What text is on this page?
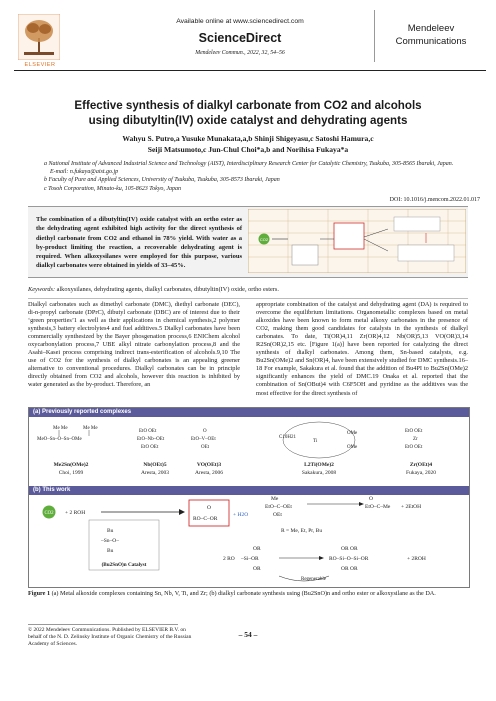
ELSEVIER
Available online at www.sciencedirect.com
ScienceDirect
Mendeleev Commun., 2022, 32, 54–56
Mendeleev
Communications
Effective synthesis of dialkyl carbonate from CO2 and alcohols
using dibutyltin(IV) oxide catalyst and dehydrating agents
Wahyu S. Putro,a Yusuke Munakata,a,b Shinji Shigeyasu,c Satoshi Hamura,c
Seiji Matsumoto,c Jun-Chul Choi*a,b and Norihisa Fukaya*a
a National Institute of Advanced Industrial Science and Technology (AIST), Interdisciplinary Research Center for Catalytic Chemistry, Tsukuba, 305-8565 Ibaraki, Japan. E-mail: n.fukaya@aist.go.jp
b Faculty of Pure and Applied Sciences, University of Tsukuba, Tsukuba, 305-8573 Ibaraki, Japan
c Tosoh Corporation, Minato-ku, 105-8623 Tokyo, Japan
DOI: 10.1016/j.mencom.2022.01.017
The combination of a dibutyltin(IV) oxide catalyst with an ortho ester as the dehydrating agent exhibited high activity for the direct synthesis of diethyl carbonate from CO2 and ethanol in 78% yield. With water as a by-product limiting the reaction, a recoverable dehydrating agent is required. When alkoxysilanes were employed for this purpose, various dialkyl carbonates were obtained in yields of 33–45%.
CO2
Keywords: alkoxysilanes, dehydrating agents, dialkyl carbonates, dibutyltin(IV) oxide, ortho esters.
Dialkyl carbonates such as dimethyl carbonate (DMC), diethyl carbonate (DEC), di-n-propyl carbonate (DPrC), dibutyl carbonate (DBC) are of interest due to their ‘green properties’1 as well as their applications in chemical synthesis,2 polymer synthesis,3 battery electrolytes4 and fuel additives.5 Dialkyl carbonates have been commercially synthesized by the Bayer phosgenation process,6 ENIChem alcohol oxycarbonylation process,7 UBE alkyl nitrate carbonylation process,8 and the Asahi–Kasei process comprising indirect trans-esterification of alcohols.9,10 The use of CO2 for the synthesis of dialkyl carbonates is an appealing greener alternative to conventional procedures. Dialkyl carbonates can be in principle directly obtained from CO2 and alcohols, however this reaction is inhibited by water generated as the by-product. Therefore, an
appropriate combination of the catalyst and dehydrating agent (DA) is required to overcome the equilibrium limitations. Organometallic complexes based on metal alkoxides have been known to form metal alkoxy carbonates in the presence of CO2, making them good candidates for catalysts in the synthesis of dialkyl carbonates. To date, Ti(OR)4,11 Zr(OR)4,12 Nb(OR)5,13 VO(OR)3,14 R2Sn(OR)2,15 etc. [Figure 1(a)] have been reported for catalyzing the direct synthesis of dialkyl carbonates. Among them, Sn-based catalysts, e.g. Bu2Sn(OMe)2 and Sn(OR)4, have been extensively studied for DMC synthesis.16–18 For example, Sakakura et al. found that the addition of Bu4PI to Bu2Sn(OMe)2 significantly enhances the yield of DMC.19 Onaka et al. reported that the combination of Sn(OBut)4 with C6F5OH and pyridine as the additives was the most effective for the direct synthesis of
(a) Previously reported complexes
(b) This work
MeO–Sn–O–Sn–OMe
Me Me	Me Me
EtO OEt
EtO–Nb–OEt
EtO OEt
O
EtO–V–OEt
OEt
C10H21
Ti
OMe
OMe
EtO OEt
Zr
EtO OEt
Me2Sn(OMe)2
Choi, 1999
Nb(OEt)5
Aresta, 2003
VO(OEt)3
Aresta, 2006
L2Ti(OMe)2
Sakakura, 2008
Zr(OEt)4
Fukaya, 2020
CO2 + 2 ROH
Bu
–Sn–O–
Bu
(Bu2SnO)n Catalyst
O
RO–C–OR
+ H2O
Me
EtO–C–OEt
OEt
O
EtO–C–Me + 2EtOH
R = Me, Et, Pr, Bu
2 RO –Si–OR
OR
OR
RO–Si–O–Si–OR
OR OR
OR OR
+ 2ROH
Regenerable
Figure 1 (a) Metal alkoxide complexes containing Sn, Nb, V, Ti, and Zr; (b) dialkyl carbonate synthesis using (Bu2SnO)n and ortho ester or alkoxysilane as the DA.
© 2022 Mendeleev Communications. Published by ELSEVIER B.V. on behalf of the N. D. Zelinsky Institute of Organic Chemistry of the Russian Academy of Sciences.
– 54 –
